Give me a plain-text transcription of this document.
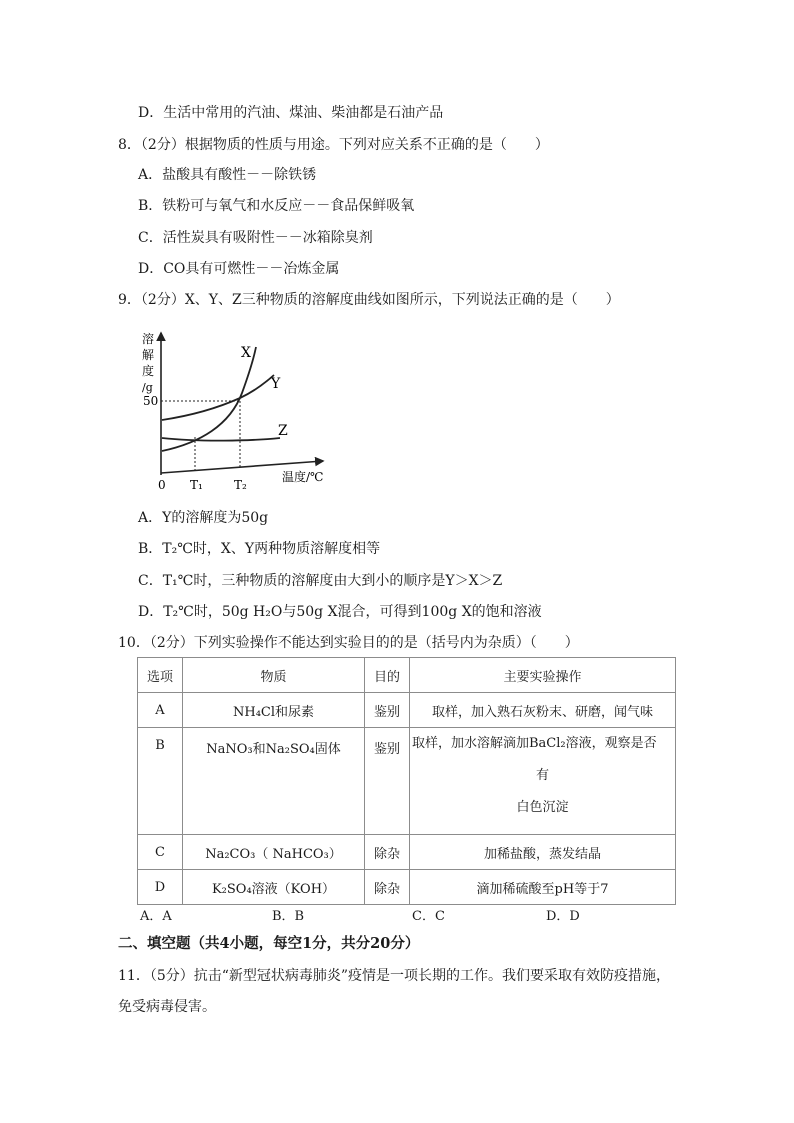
D．生活中常用的汽油、煤油、柴油都是石油产品
8．（2分）根据物质的性质与用途。下列对应关系不正确的是（　　）
A．盐酸具有酸性－－除铁锈
B．铁粉可与氧气和水反应－－食品保鲜吸氧
C．活性炭具有吸附性－－冰箱除臭剂
D．CO具有可燃性－－冶炼金属
9．（2分）X、Y、Z三种物质的溶解度曲线如图所示，下列说法正确的是（　　）
溶
解
度
/g
50
X
Y
Z
0 T₁	T₂
温度/℃
A．Y的溶解度为50g
B．T₂℃时，X、Y两种物质溶解度相等
C．T₁℃时，三种物质的溶解度由大到小的顺序是Y＞X＞Z
D．T₂℃时，50g H₂O与50g X混合，可得到100g X的饱和溶液
10．（2分）下列实验操作不能达到实验目的的是（括号内为杂质）（　　）
选项	物质	目的	主要实验操作
A	NH₄Cl和尿素	鉴别	取样，加入熟石灰粉末、研磨，闻气味
B	NaNO₃和Na₂SO₄固体	鉴别	取样，加水溶解滴加BaCl₂溶液，观察是否
有
白色沉淀

C	Na₂CO₃（ NaHCO₃）	除杂	加稀盐酸，蒸发结晶
D	K₂SO₄溶液（KOH）	除杂	滴加稀硫酸至pH等于7
A．A	B．B	C．C	D．D
二、填空题（共4小题，每空1分，共分20分）
11．（5分）抗击“新型冠状病毒肺炎”疫情是一项长期的工作。我们要采取有效防疫措施，
免受病毒侵害。
